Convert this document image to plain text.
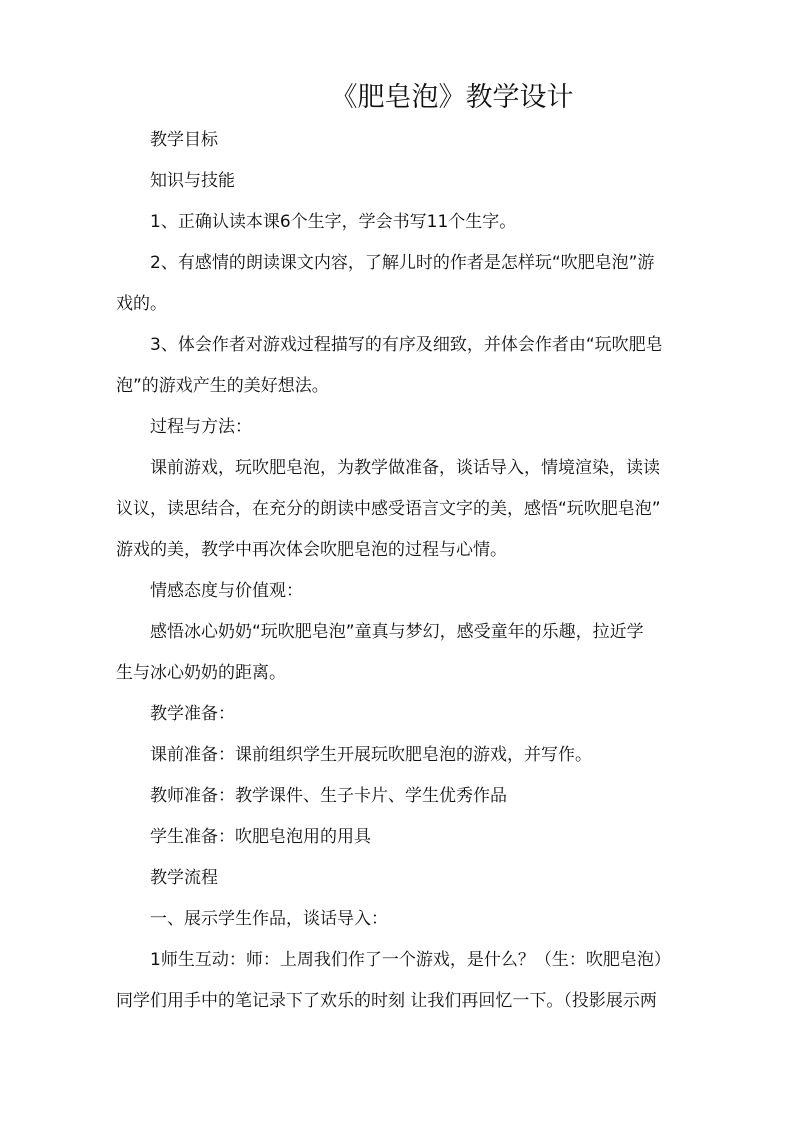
《肥皂泡》教学设计

教学目标

知识与技能

1、正确认读本课6个生字，学会书写11个生字。

2、有感情的朗读课文内容，了解儿时的作者是怎样玩“吹肥皂泡”游

戏的。

3、体会作者对游戏过程描写的有序及细致，并体会作者由“玩吹肥皂

泡”的游戏产生的美好想法。

过程与方法：

课前游戏，玩吹肥皂泡，为教学做准备，谈话导入，情境渲染，读读

议议，读思结合，在充分的朗读中感受语言文字的美，感悟“玩吹肥皂泡”

游戏的美，教学中再次体会吹肥皂泡的过程与心情。

情感态度与价值观：

感悟冰心奶奶“玩吹肥皂泡”童真与梦幻，感受童年的乐趣，拉近学

生与冰心奶奶的距离。

教学准备：

课前准备：课前组织学生开展玩吹肥皂泡的游戏，并写作。

教师准备：教学课件、生子卡片、学生优秀作品

学生准备：吹肥皂泡用的用具

教学流程

一、展示学生作品，谈话导入：

1师生互动：师：上周我们作了一个游戏，是什么？（生：吹肥皂泡）

同学们用手中的笔记录下了欢乐的时刻 让我们再回忆一下。（投影展示两
